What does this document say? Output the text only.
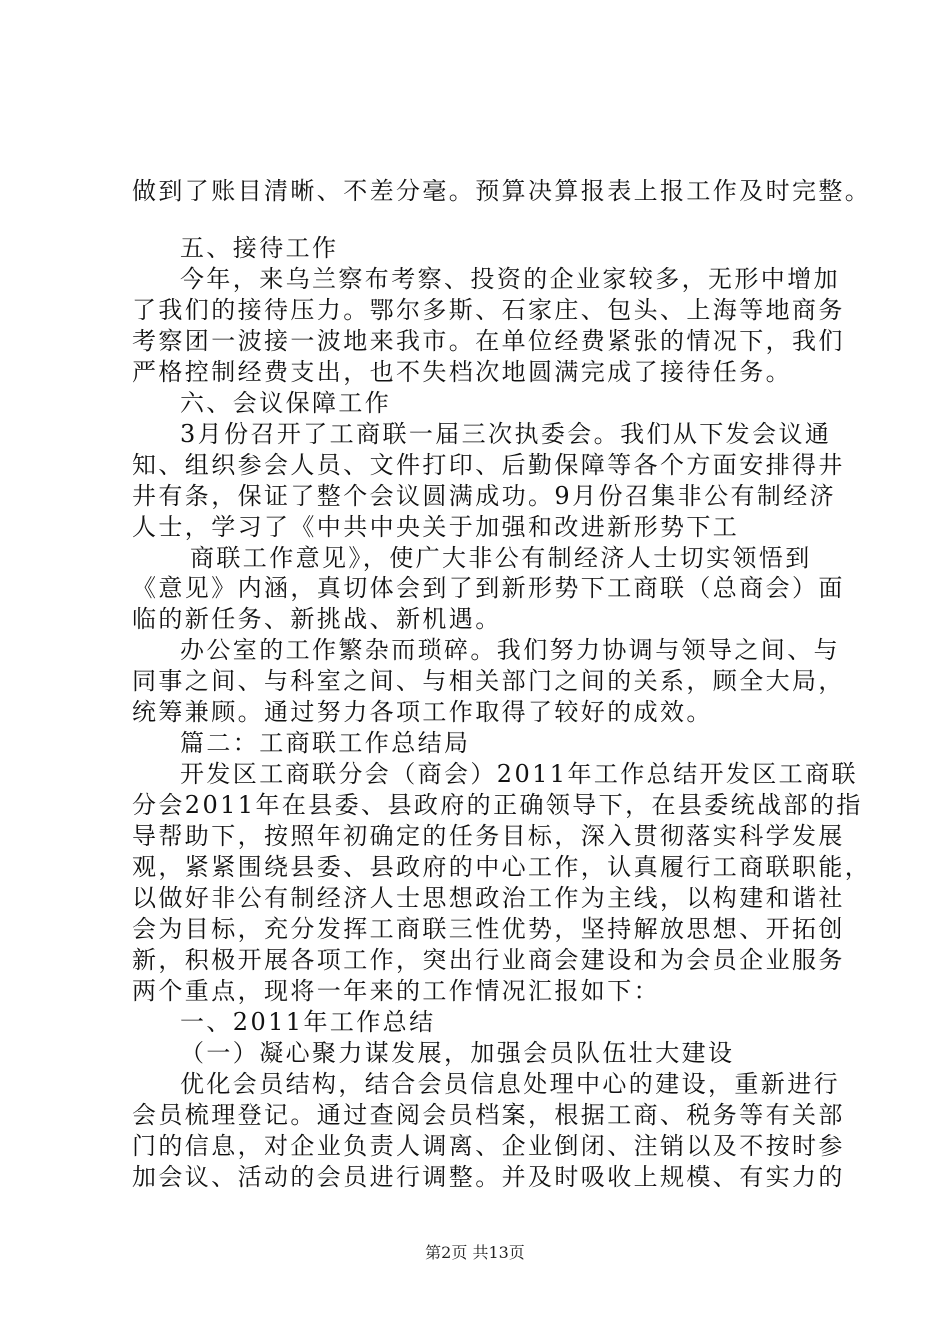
做到了账目清晰、不差分毫。预算决算报表上报工作及时完整。
五、接待工作
今年，来乌兰察布考察、投资的企业家较多，无形中增加
了我们的接待压力。鄂尔多斯、石家庄、包头、上海等地商务
考察团一波接一波地来我市。在单位经费紧张的情况下，我们
严格控制经费支出，也不失档次地圆满完成了接待任务。
六、会议保障工作
3月份召开了工商联一届三次执委会。我们从下发会议通
知、组织参会人员、文件打印、后勤保障等各个方面安排得井
井有条，保证了整个会议圆满成功。9月份召集非公有制经济
人士，学习了《中共中央关于加强和改进新形势下工
商联工作意见》，使广大非公有制经济人士切实领悟到
《意见》内涵，真切体会到了到新形势下工商联（总商会）面
临的新任务、新挑战、新机遇。
办公室的工作繁杂而琐碎。我们努力协调与领导之间、与
同事之间、与科室之间、与相关部门之间的关系，顾全大局，
统筹兼顾。通过努力各项工作取得了较好的成效。
篇二：工商联工作总结局
开发区工商联分会（商会）2011年工作总结开发区工商联
分会2011年在县委、县政府的正确领导下，在县委统战部的指
导帮助下，按照年初确定的任务目标，深入贯彻落实科学发展
观，紧紧围绕县委、县政府的中心工作，认真履行工商联职能，
以做好非公有制经济人士思想政治工作为主线，以构建和谐社
会为目标，充分发挥工商联三性优势，坚持解放思想、开拓创
新，积极开展各项工作，突出行业商会建设和为会员企业服务
两个重点，现将一年来的工作情况汇报如下：
一、2011年工作总结
（一）凝心聚力谋发展，加强会员队伍壮大建设
优化会员结构，结合会员信息处理中心的建设，重新进行
会员梳理登记。通过查阅会员档案，根据工商、税务等有关部
门的信息，对企业负责人调离、企业倒闭、注销以及不按时参
加会议、活动的会员进行调整。并及时吸收上规模、有实力的
第2页 共13页
